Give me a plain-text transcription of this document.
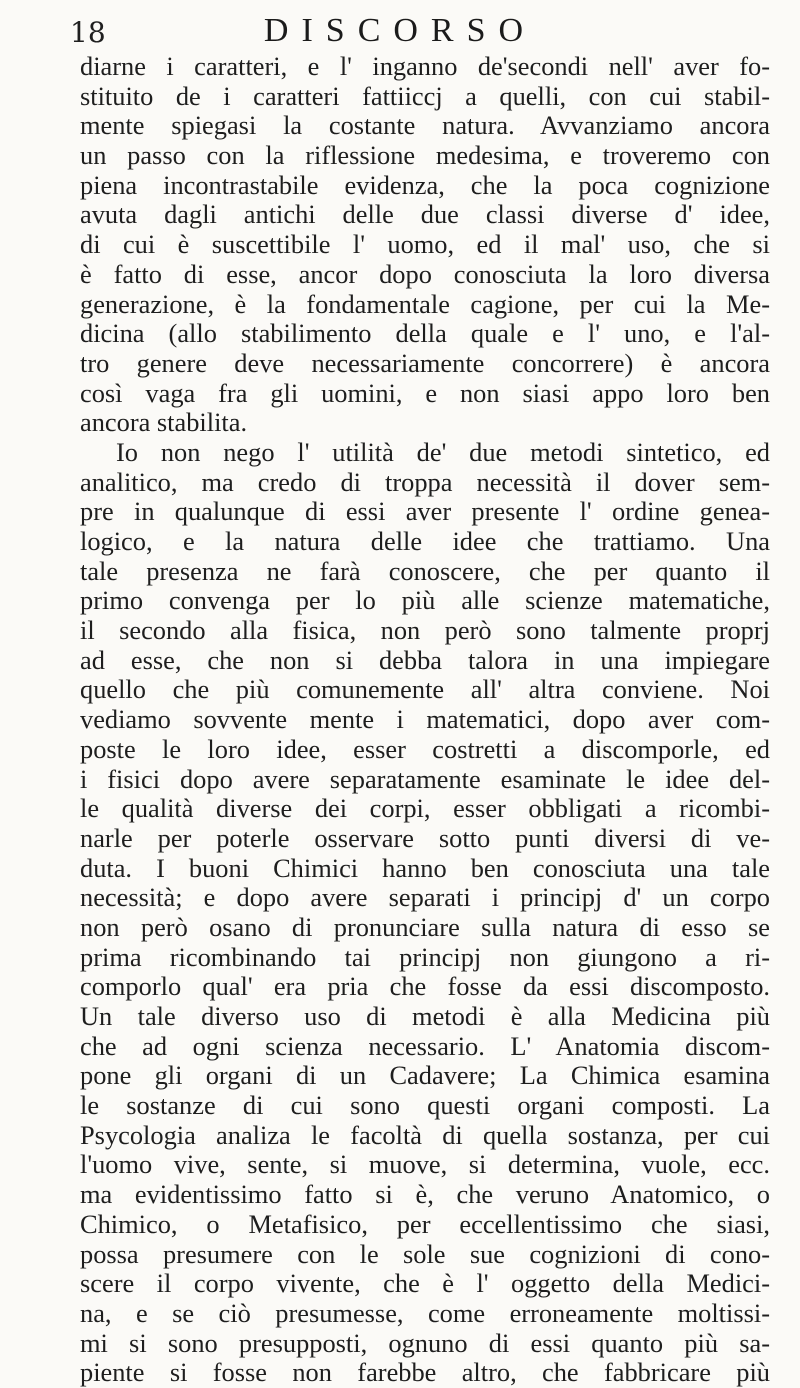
18	DISCORSO
diarne i caratteri, e l' inganno de'secondi nell' aver fo-
stituito de i caratteri fattiiccj a quelli, con cui stabil-
mente spiegasi la costante natura. Avvanziamo ancora
un passo con la riflessione medesima, e troveremo con
piena incontrastabile evidenza, che la poca cognizione
avuta dagli antichi delle due classi diverse d' idee,
di cui è suscettibile l' uomo, ed il mal' uso, che si
è fatto di esse, ancor dopo conosciuta la loro diversa
generazione, è la fondamentale cagione, per cui la Me-
dicina (allo stabilimento della quale e l' uno, e l'al-
tro genere deve necessariamente concorrere) è ancora
così vaga fra gli uomini, e non siasi appo loro ben
ancora stabilita.
Io non nego l' utilità de' due metodi sintetico, ed
analitico, ma credo di troppa necessità il dover sem-
pre in qualunque di essi aver presente l' ordine genea-
logico, e la natura delle idee che trattiamo. Una
tale presenza ne farà conoscere, che per quanto il
primo convenga per lo più alle scienze matematiche,
il secondo alla fisica, non però sono talmente proprj
ad esse, che non si debba talora in una impiegare
quello che più comunemente all' altra conviene. Noi
vediamo sovvente mente i matematici, dopo aver com-
poste le loro idee, esser costretti a discomporle, ed
i fisici dopo avere separatamente esaminate le idee del-
le qualità diverse dei corpi, esser obbligati a ricombi-
narle per poterle osservare sotto punti diversi di ve-
duta. I buoni Chimici hanno ben conosciuta una tale
necessità; e dopo avere separati i principj d' un corpo
non però osano di pronunciare sulla natura di esso se
prima ricombinando tai principj non giungono a ri-
comporlo qual' era pria che fosse da essi discomposto.
Un tale diverso uso di metodi è alla Medicina più
che ad ogni scienza necessario. L' Anatomia discom-
pone gli organi di un Cadavere; La Chimica esamina
le sostanze di cui sono questi organi composti. La
Psycologia analiza le facoltà di quella sostanza, per cui
l'uomo vive, sente, si muove, si determina, vuole, ecc.
ma evidentissimo fatto si è, che veruno Anatomico, o
Chimico, o Metafisico, per eccellentissimo che siasi,
possa presumere con le sole sue cognizioni di cono-
scere il corpo vivente, che è l' oggetto della Medici-
na, e se ciò presumesse, come erroneamente moltissi-
mi si sono presupposti, ognuno di essi quanto più sa-
piente si fosse non farebbe altro, che fabbricare più
